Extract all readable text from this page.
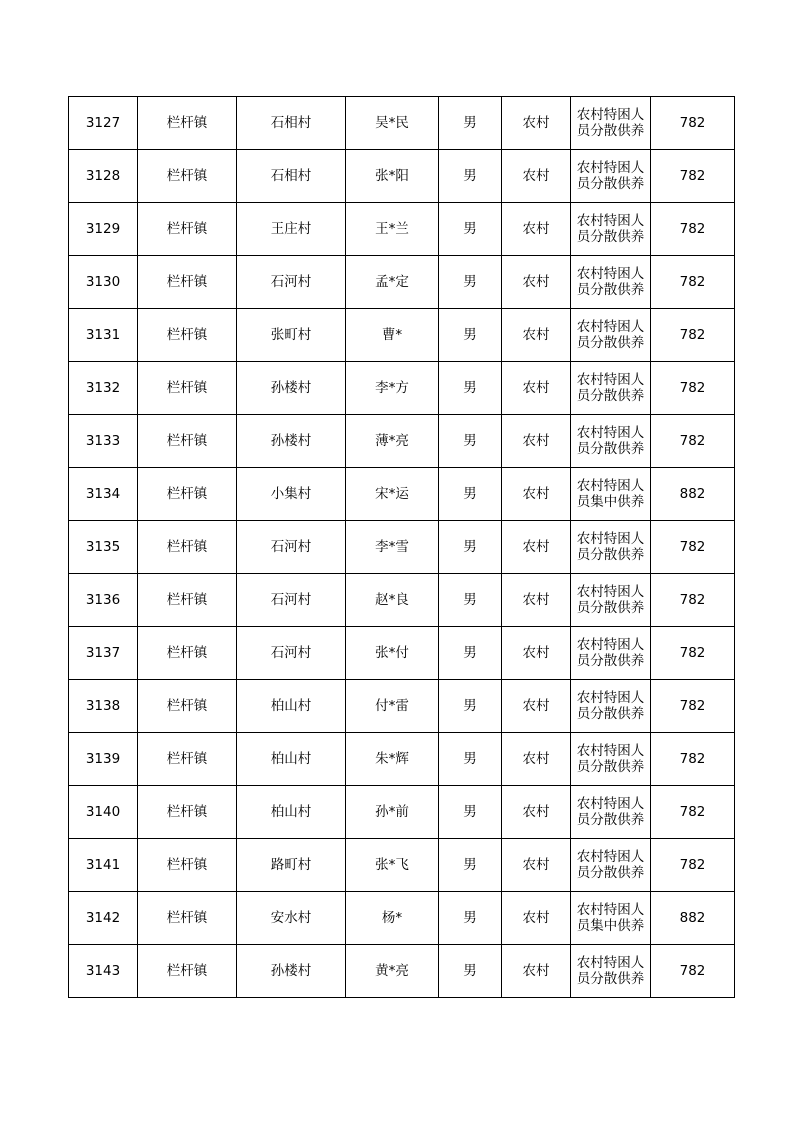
3127	栏杆镇	石相村	吴*民	男	农村	农村特困人员分散供养	782
3128	栏杆镇	石相村	张*阳	男	农村	农村特困人员分散供养	782
3129	栏杆镇	王庄村	王*兰	男	农村	农村特困人员分散供养	782
3130	栏杆镇	石河村	孟*定	男	农村	农村特困人员分散供养	782
3131	栏杆镇	张町村	曹*	男	农村	农村特困人员分散供养	782
3132	栏杆镇	孙楼村	李*方	男	农村	农村特困人员分散供养	782
3133	栏杆镇	孙楼村	薄*亮	男	农村	农村特困人员分散供养	782
3134	栏杆镇	小集村	宋*运	男	农村	农村特困人员集中供养	882
3135	栏杆镇	石河村	李*雪	男	农村	农村特困人员分散供养	782
3136	栏杆镇	石河村	赵*良	男	农村	农村特困人员分散供养	782
3137	栏杆镇	石河村	张*付	男	农村	农村特困人员分散供养	782
3138	栏杆镇	柏山村	付*雷	男	农村	农村特困人员分散供养	782
3139	栏杆镇	柏山村	朱*辉	男	农村	农村特困人员分散供养	782
3140	栏杆镇	柏山村	孙*前	男	农村	农村特困人员分散供养	782
3141	栏杆镇	路町村	张*飞	男	农村	农村特困人员分散供养	782
3142	栏杆镇	安水村	杨*	男	农村	农村特困人员集中供养	882
3143	栏杆镇	孙楼村	黄*亮	男	农村	农村特困人员分散供养	782
